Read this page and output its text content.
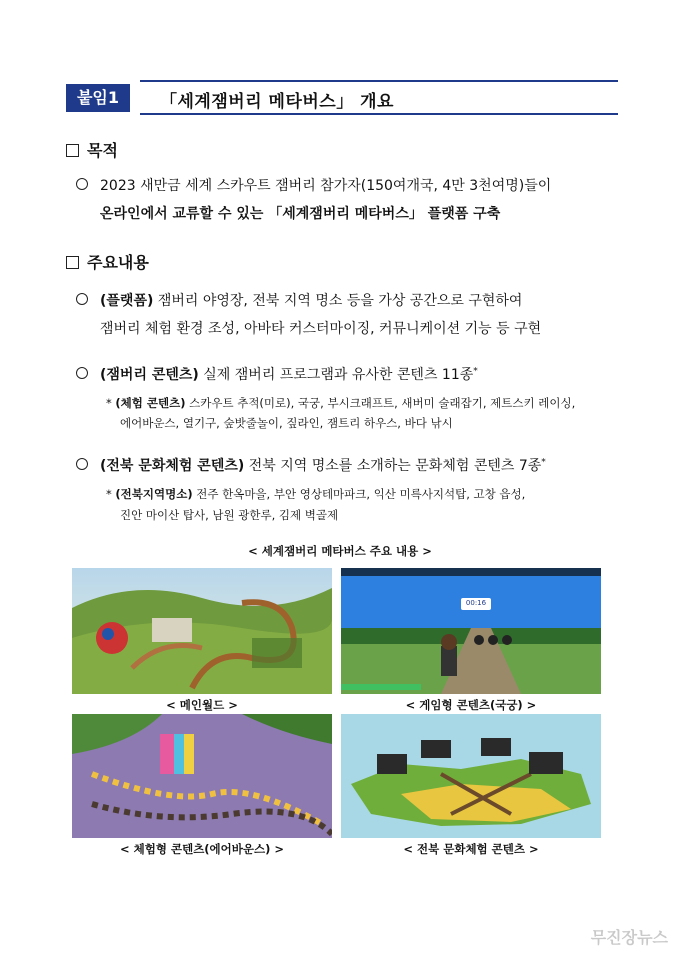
붙임1	「세계잼버리 메타버스」 개요
목적
2023 새만금 세계 스카우트 잼버리 참가자(150여개국, 4만 3천여명)들이
온라인에서 교류할 수 있는 「세계잼버리 메타버스」 플랫폼 구축
주요내용
(플랫폼) 잼버리 야영장, 전북 지역 명소 등을 가상 공간으로 구현하여
잼버리 체험 환경 조성, 아바타 커스터마이징, 커뮤니케이션 기능 등 구현
(잼버리 콘텐츠) 실제 잼버리 프로그램과 유사한 콘텐츠 11종*
* (체험 콘텐츠) 스카우트 추적(미로), 국궁, 부시크래프트, 새버미 술래잡기, 제트스키 레이싱,
에어바운스, 열기구, 숲밧줄놀이, 짚라인, 잼트리 하우스, 바다 낚시
(전북 문화체험 콘텐츠) 전북 지역 명소를 소개하는 문화체험 콘텐츠 7종*
* (전북지역명소) 전주 한옥마을, 부안 영상테마파크, 익산 미륵사지석탑, 고창 읍성,
진안 마이산 탑사, 남원 광한루, 김제 벽골제
< 세계잼버리 메타버스 주요 내용 >
00:16
< 메인월드 >	< 게임형 콘텐츠(국궁) >
< 체험형 콘텐츠(에어바운스) >	< 전북 문화체험 콘텐츠 >
무진장뉴스
